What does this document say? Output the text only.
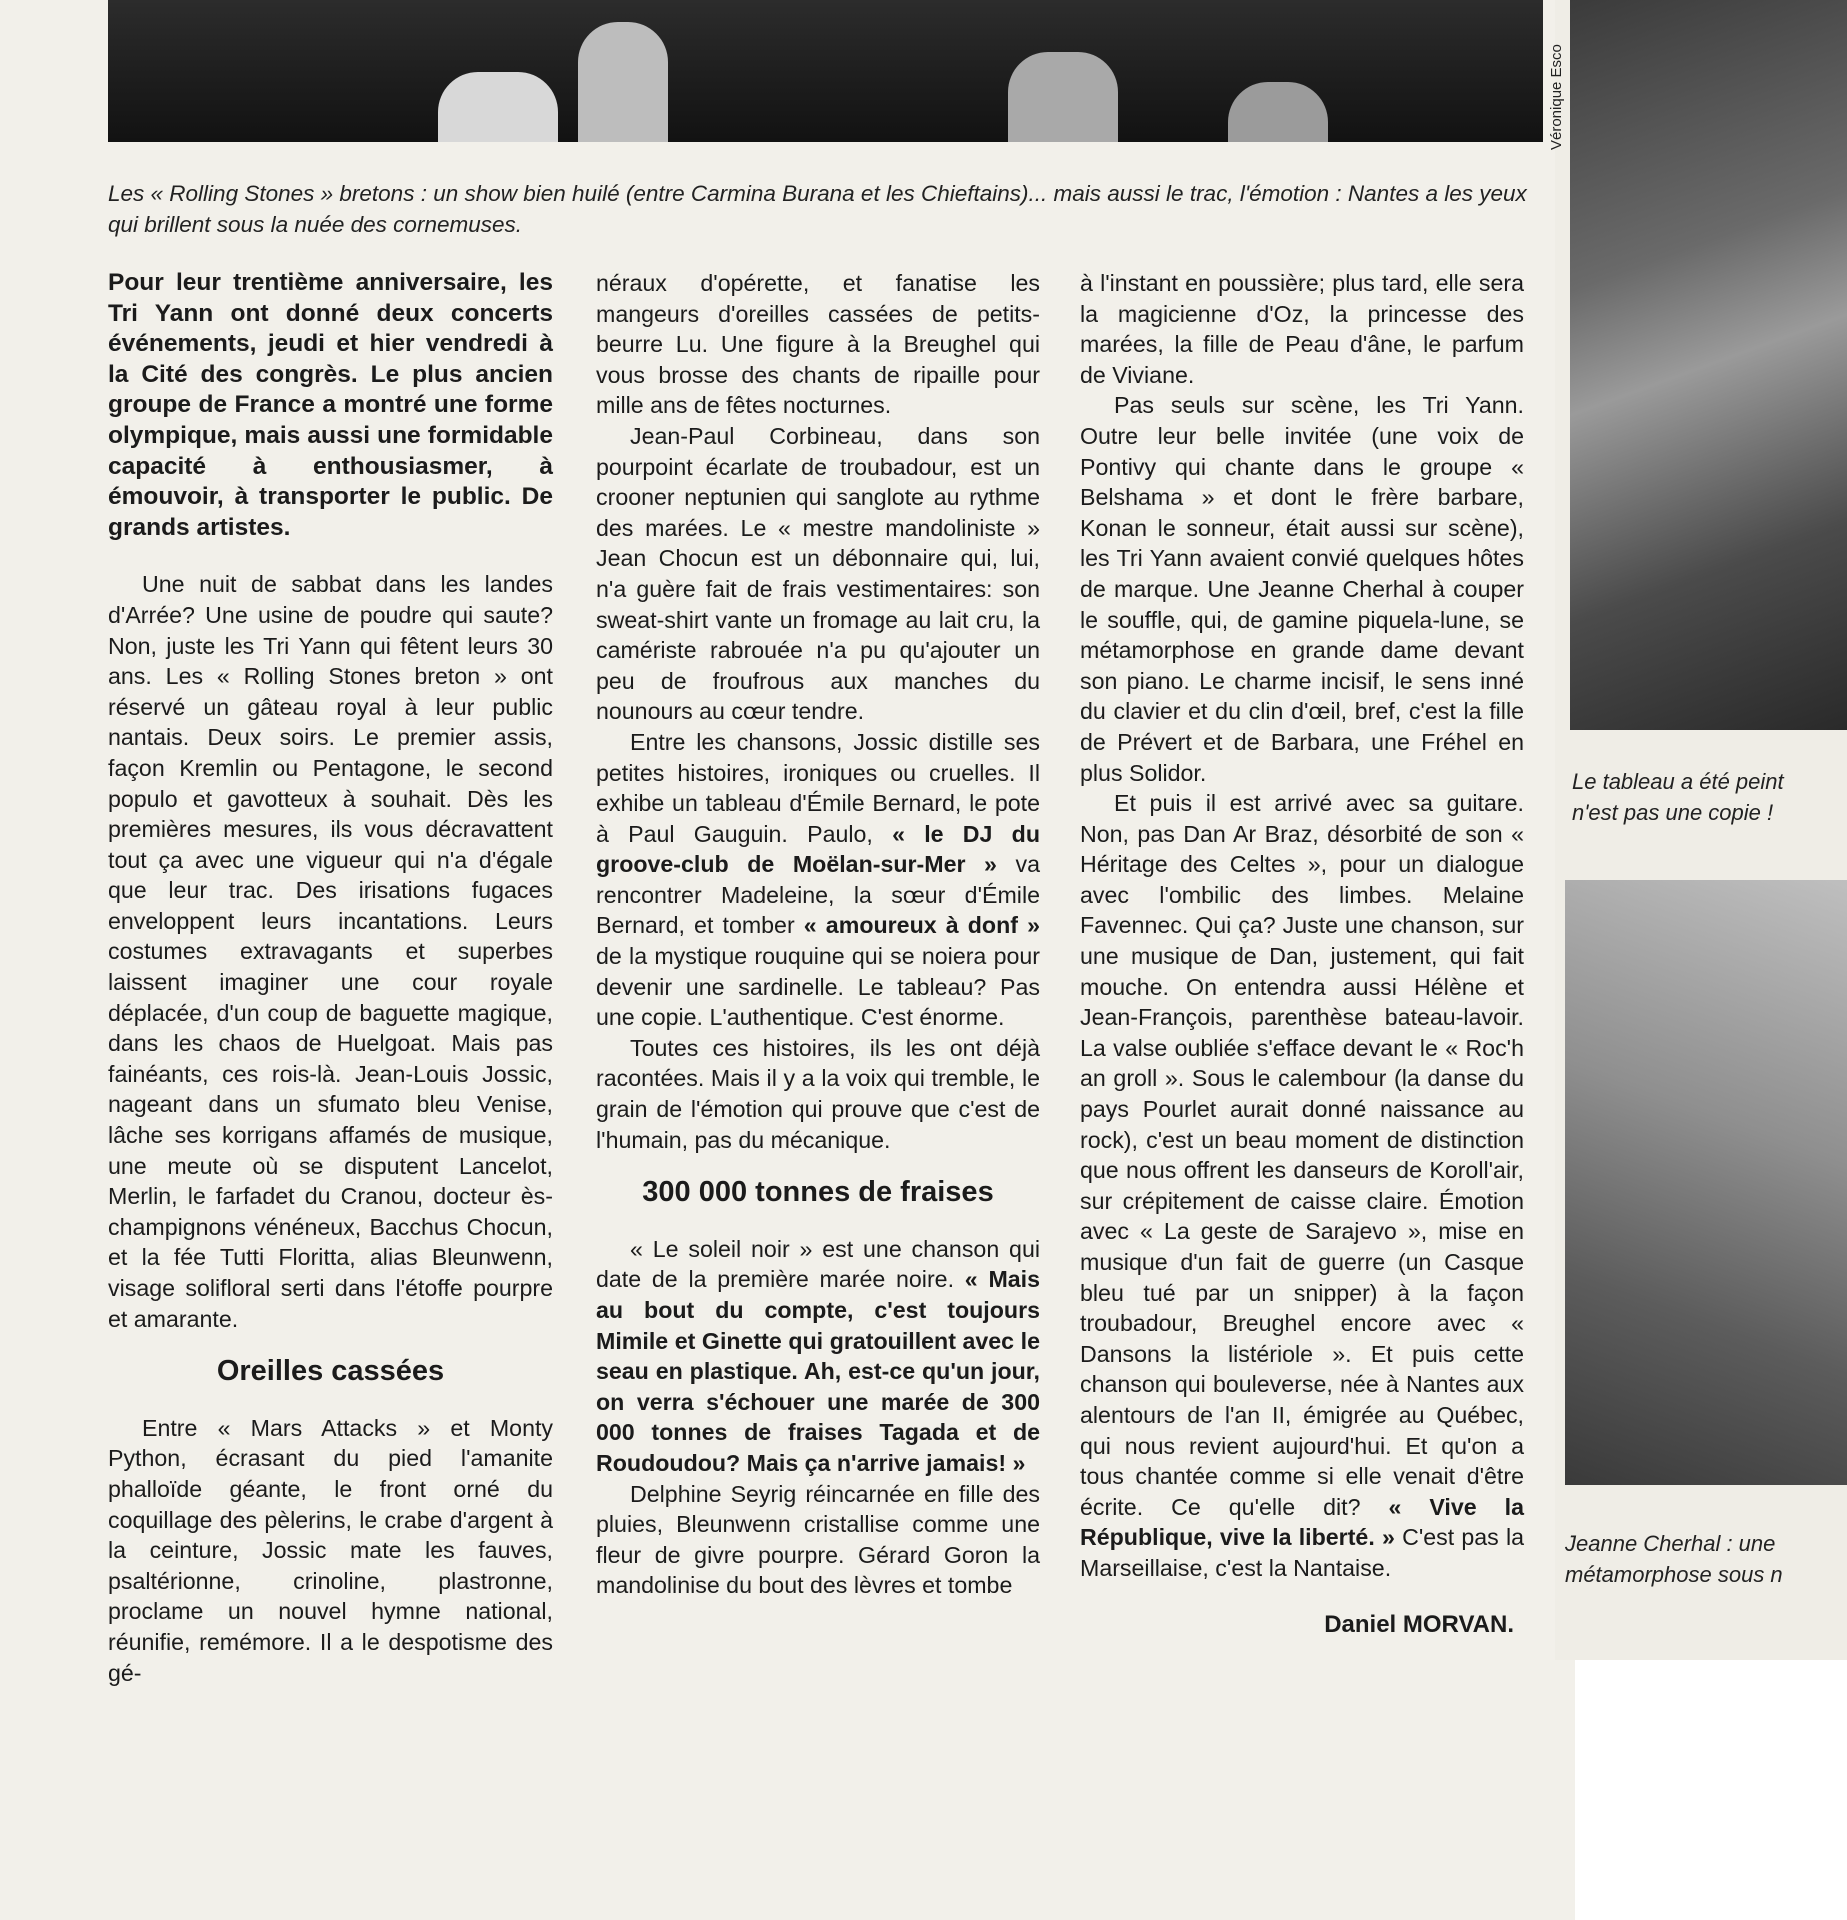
Véronique Esco
Les « Rolling Stones » bretons : un show bien huilé (entre Carmina Burana et les Chieftains)... mais aussi le trac, l'émotion : Nantes a les yeux qui brillent sous la nuée des cornemuses.
Pour leur trentième anniversaire, les Tri Yann ont donné deux concerts événements, jeudi et hier vendredi à la Cité des congrès. Le plus ancien groupe de France a montré une forme olympique, mais aussi une formidable capacité à enthousiasmer, à émouvoir, à transporter le public. De grands artistes.

Une nuit de sabbat dans les landes d'Arrée? Une usine de poudre qui saute? Non, juste les Tri Yann qui fêtent leurs 30 ans. Les « Rolling Stones breton » ont réservé un gâteau royal à leur public nantais. Deux soirs. Le premier assis, façon Kremlin ou Pentagone, le second populo et gavotteux à souhait. Dès les premières mesures, ils vous décravattent tout ça avec une vigueur qui n'a d'égale que leur trac. Des irisations fugaces enveloppent leurs incantations. Leurs costumes extravagants et superbes laissent imaginer une cour royale déplacée, d'un coup de baguette magique, dans les chaos de Huelgoat. Mais pas fainéants, ces rois-là. Jean-Louis Jossic, nageant dans un sfumato bleu Venise, lâche ses korrigans affamés de musique, une meute où se disputent Lancelot, Merlin, le farfadet du Cranou, docteur ès-champignons vénéneux, Bacchus Chocun, et la fée Tutti Floritta, alias Bleunwenn, visage solifloral serti dans l'étoffe pourpre et amarante.

Oreilles cassées

Entre « Mars Attacks » et Monty Python, écrasant du pied l'amanite phalloïde géante, le front orné du coquillage des pèlerins, le crabe d'argent à la ceinture, Jossic mate les fauves, psaltérionne, crinoline, plastronne, proclame un nouvel hymne national, réunifie, remémore. Il a le despotisme des gé-

néraux d'opérette, et fanatise les mangeurs d'oreilles cassées de petits-beurre Lu. Une figure à la Breughel qui vous brosse des chants de ripaille pour mille ans de fêtes nocturnes.

Jean-Paul Corbineau, dans son pourpoint écarlate de troubadour, est un crooner neptunien qui sanglote au rythme des marées. Le « mestre mandoliniste » Jean Chocun est un débonnaire qui, lui, n'a guère fait de frais vestimentaires: son sweat-shirt vante un fromage au lait cru, la caméristе rabrouée n'a pu qu'ajouter un peu de froufrous aux manches du nounours au cœur tendre.

Entre les chansons, Jossic distille ses petites histoires, ironiques ou cruelles. Il exhibe un tableau d'Émile Bernard, le pote à Paul Gauguin. Paulo, « le DJ du groove-club de Moëlan-sur-Mer » va rencontrer Madeleine, la sœur d'Émile Bernard, et tomber « amoureux à donf » de la mystique rouquine qui se noiera pour devenir une sardinelle. Le tableau? Pas une copie. L'authentique. C'est énorme.

Toutes ces histoires, ils les ont déjà racontées. Mais il y a la voix qui tremble, le grain de l'émotion qui prouve que c'est de l'humain, pas du mécanique.

300 000 tonnes de fraises

« Le soleil noir » est une chanson qui date de la première marée noire. « Mais au bout du compte, c'est toujours Mimile et Ginette qui gratouillent avec le seau en plastique. Ah, est-ce qu'un jour, on verra s'échouer une marée de 300 000 tonnes de fraises Tagada et de Roudoudou? Mais ça n'arrive jamais! »

Delphine Seyrig réincarnée en fille des pluies, Bleunwenn cristallise comme une fleur de givre pourpre. Gérard Goron la mandolinise du bout des lèvres et tombe

à l'instant en poussière; plus tard, elle sera la magicienne d'Oz, la princesse des marées, la fille de Peau d'âne, le parfum de Viviane.

Pas seuls sur scène, les Tri Yann. Outre leur belle invitée (une voix de Pontivy qui chante dans le groupe « Belshama » et dont le frère barbare, Konan le sonneur, était aussi sur scène), les Tri Yann avaient convié quelques hôtes de marque. Une Jeanne Cherhal à couper le souffle, qui, de gamine piquela-lune, se métamorphose en grande dame devant son piano. Le charme incisif, le sens inné du clavier et du clin d'œil, bref, c'est la fille de Prévert et de Barbara, une Fréhel en plus Solidor.

Et puis il est arrivé avec sa guitare. Non, pas Dan Ar Braz, désorbité de son « Héritage des Celtes », pour un dialogue avec l'ombilic des limbes. Melaine Favennec. Qui ça? Juste une chanson, sur une musique de Dan, justement, qui fait mouche. On entendra aussi Hélène et Jean-François, parenthèse bateau-lavoir. La valse oubliée s'efface devant le « Roc'h an groll ». Sous le calembour (la danse du pays Pourlet aurait donné naissance au rock), c'est un beau moment de distinction que nous offrent les danseurs de Koroll'air, sur crépitement de caisse claire. Émotion avec « La geste de Sarajevo », mise en musique d'un fait de guerre (un Casque bleu tué par un snipper) à la façon troubadour, Breughel encore avec « Dansons la listériole ». Et puis cette chanson qui bouleverse, née à Nantes aux alentours de l'an II, émigrée au Québec, qui nous revient aujourd'hui. Et qu'on a tous chantée comme si elle venait d'être écrite. Ce qu'elle dit? « Vive la République, vive la liberté. » C'est pas la Marseillaise, c'est la Nantaise.

Daniel MORVAN.
Le tableau a été peint
n'est pas une copie !
Jeanne Cherhal : une
métamorphose sous n
